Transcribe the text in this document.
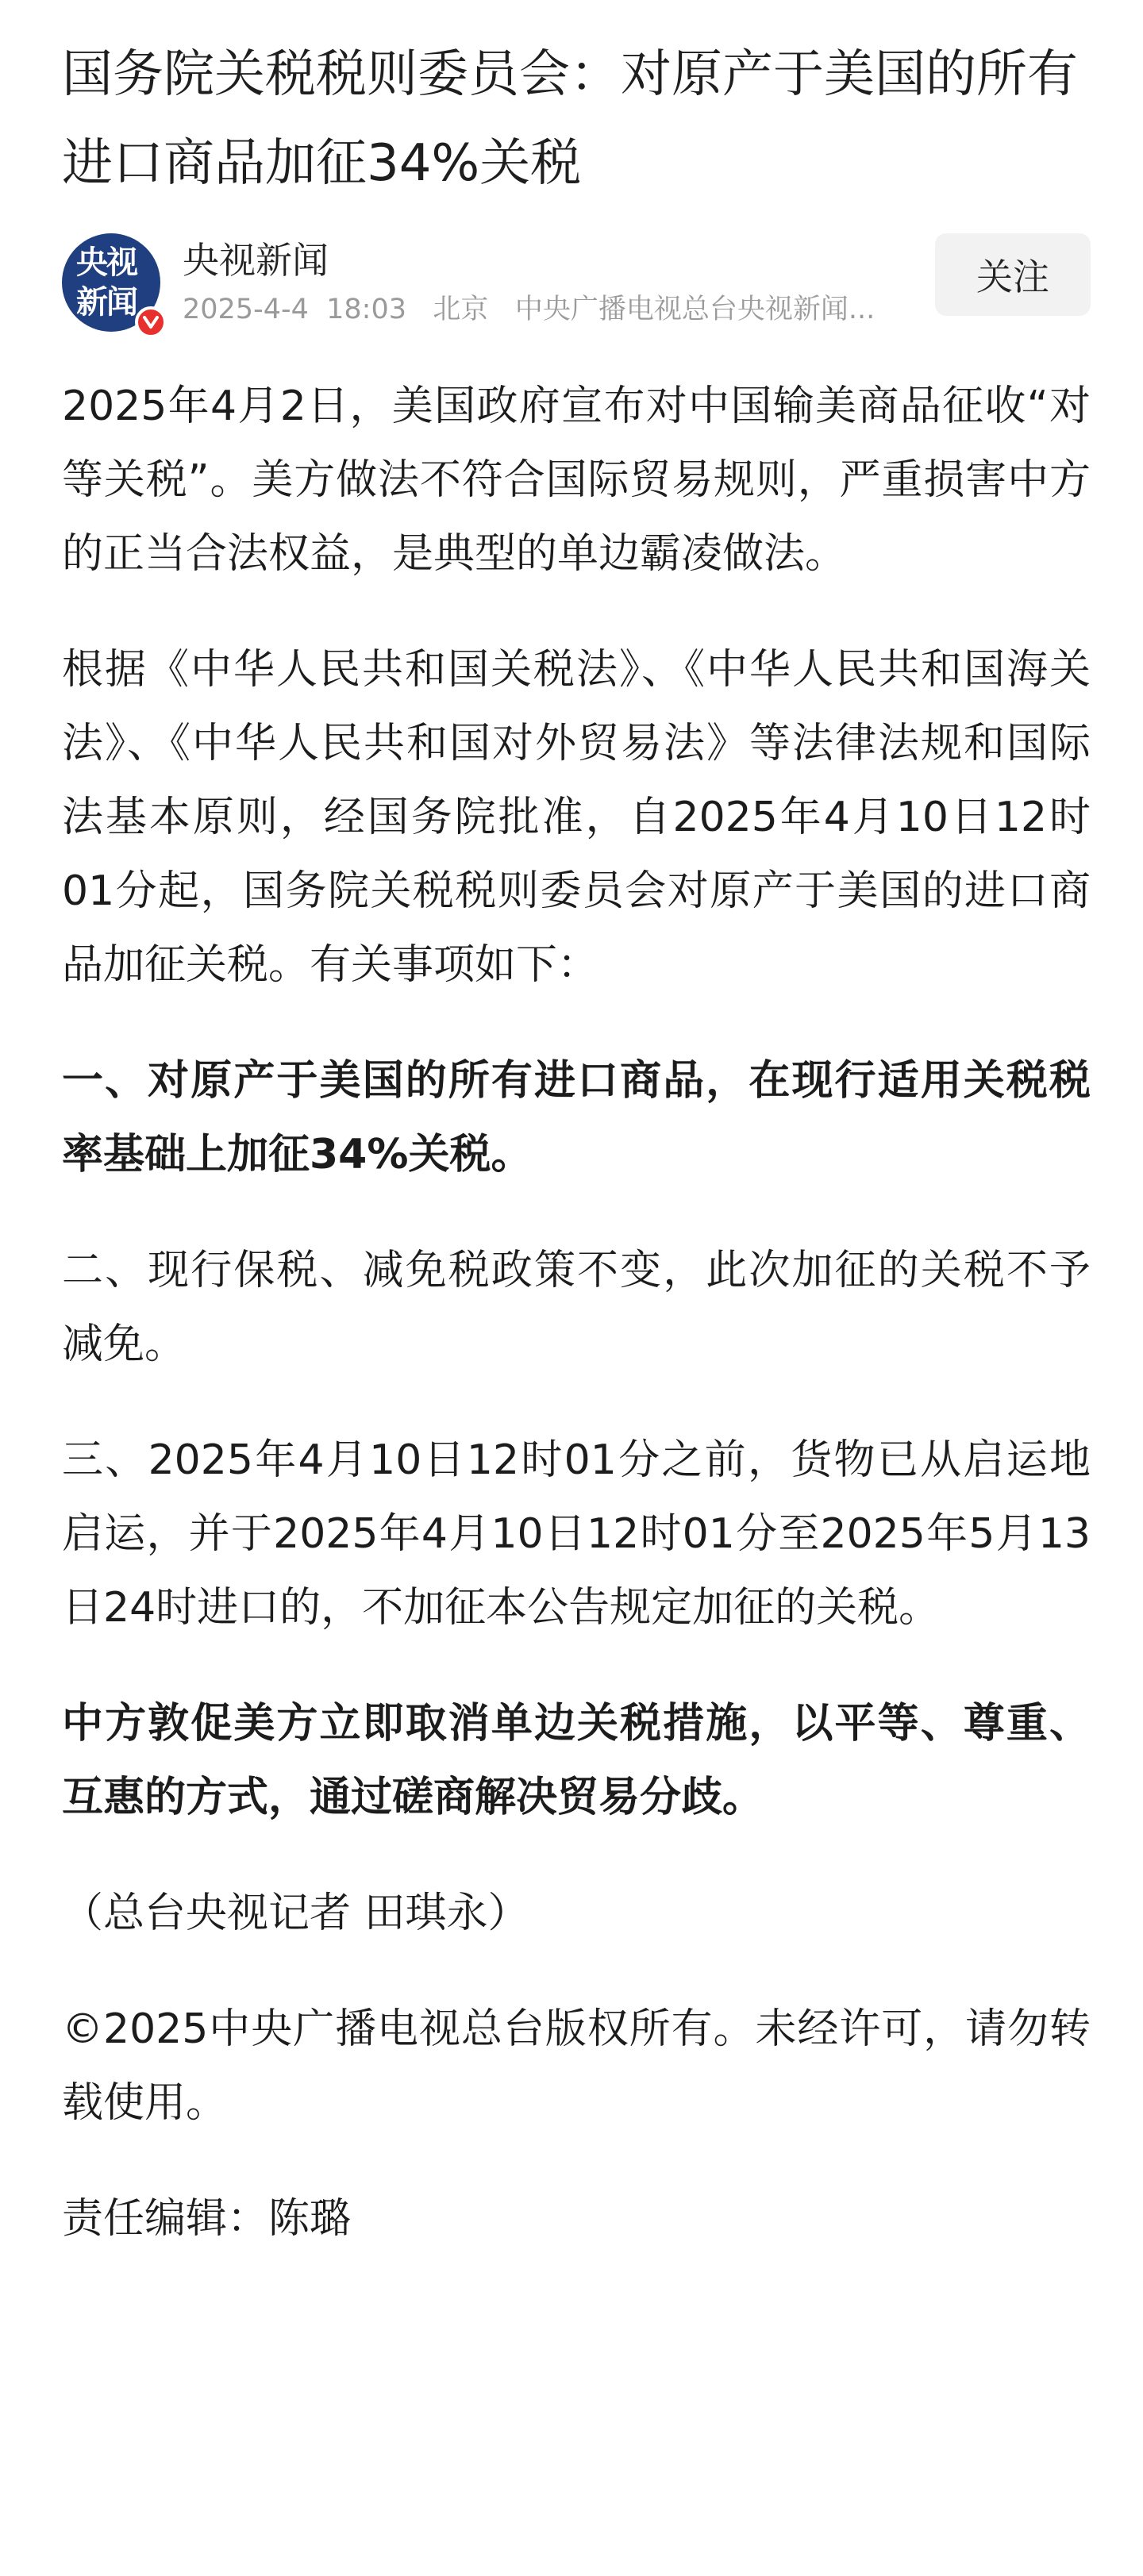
国务院关税税则委员会：对原产于美国的所有进口商品加征34%关税
央视
新闻
央视新闻
2025-4-4 18:03 北京 中央广播电视总台央视新闻...
关注

2025年4月2日，美国政府宣布对中国输美商品征收“对等关税”。美方做法不符合国际贸易规则，严重损害中方的正当合法权益，是典型的单边霸凌做法。

根据《中华人民共和国关税法》、《中华人民共和国海关法》、《中华人民共和国对外贸易法》等法律法规和国际法基本原则，经国务院批准，自2025年4月10日12时01分起，国务院关税税则委员会对原产于美国的进口商品加征关税。有关事项如下：

一、对原产于美国的所有进口商品，在现行适用关税税率基础上加征34%关税。

二、现行保税、减免税政策不变，此次加征的关税不予减免。

三、2025年4月10日12时01分之前，货物已从启运地启运，并于2025年4月10日12时01分至2025年5月13日24时进口的，不加征本公告规定加征的关税。

中方敦促美方立即取消单边关税措施，以平等、尊重、互惠的方式，通过磋商解决贸易分歧。

（总台央视记者 田琪永）

©2025中央广播电视总台版权所有。未经许可，请勿转载使用。

责任编辑：陈璐
